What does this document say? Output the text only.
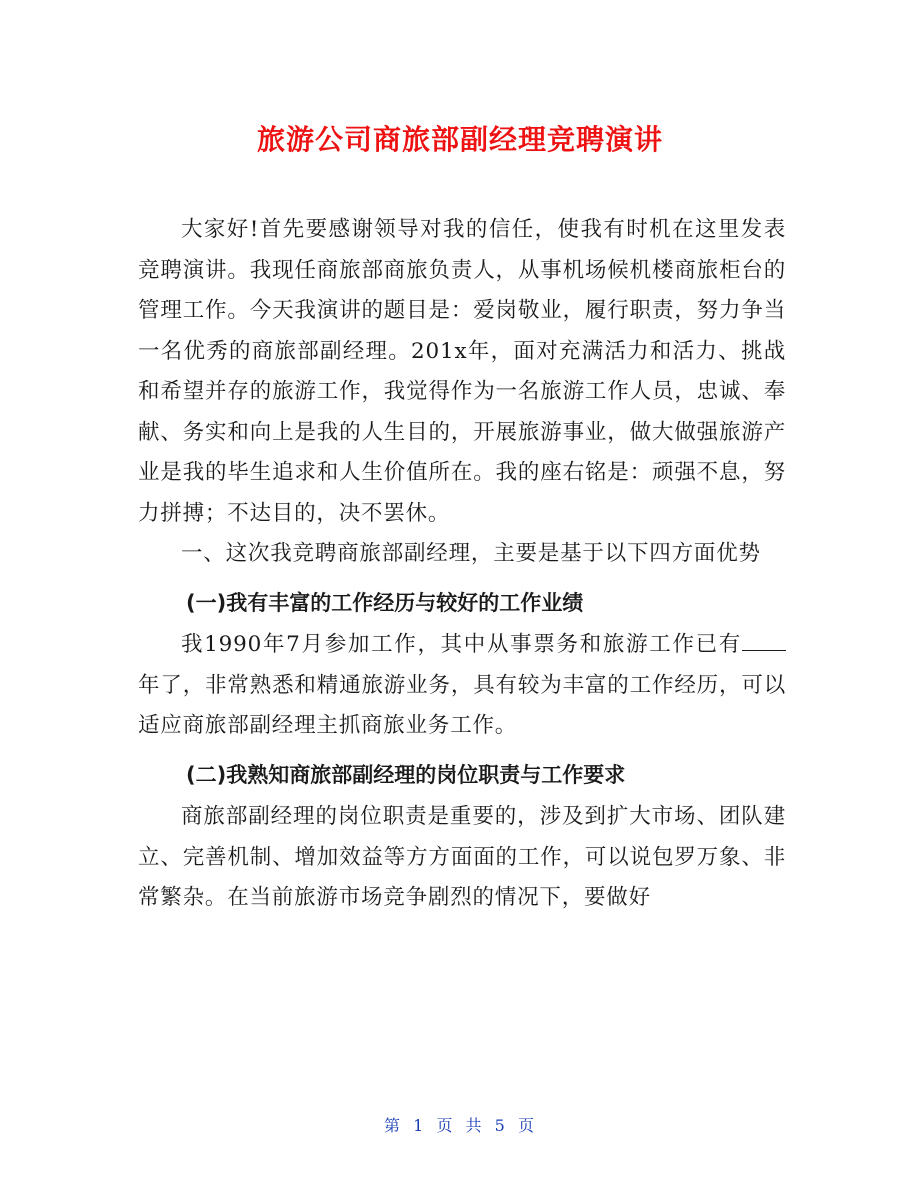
旅游公司商旅部副经理竞聘演讲

大家好!首先要感谢领导对我的信任，使我有时机在这里发表竞聘演讲。我现任商旅部商旅负责人，从事机场候机楼商旅柜台的管理工作。今天我演讲的题目是：爱岗敬业，履行职责，努力争当一名优秀的商旅部副经理。201x年，面对充满活力和活力、挑战和希望并存的旅游工作，我觉得作为一名旅游工作人员，忠诚、奉献、务实和向上是我的人生目的，开展旅游事业，做大做强旅游产业是我的毕生追求和人生价值所在。我的座右铭是：顽强不息，努力拼搏；不达目的，决不罢休。

一、这次我竞聘商旅部副经理，主要是基于以下四方面优势

(一)我有丰富的工作经历与较好的工作业绩

我1990年7月参加工作，其中从事票务和旅游工作已有年了，非常熟悉和精通旅游业务，具有较为丰富的工作经历，可以适应商旅部副经理主抓商旅业务工作。

(二)我熟知商旅部副经理的岗位职责与工作要求

商旅部副经理的岗位职责是重要的，涉及到扩大市场、团队建立、完善机制、增加效益等方方面面的工作，可以说包罗万象、非常繁杂。在当前旅游市场竞争剧烈的情况下，要做好

第 1 页 共 5 页
